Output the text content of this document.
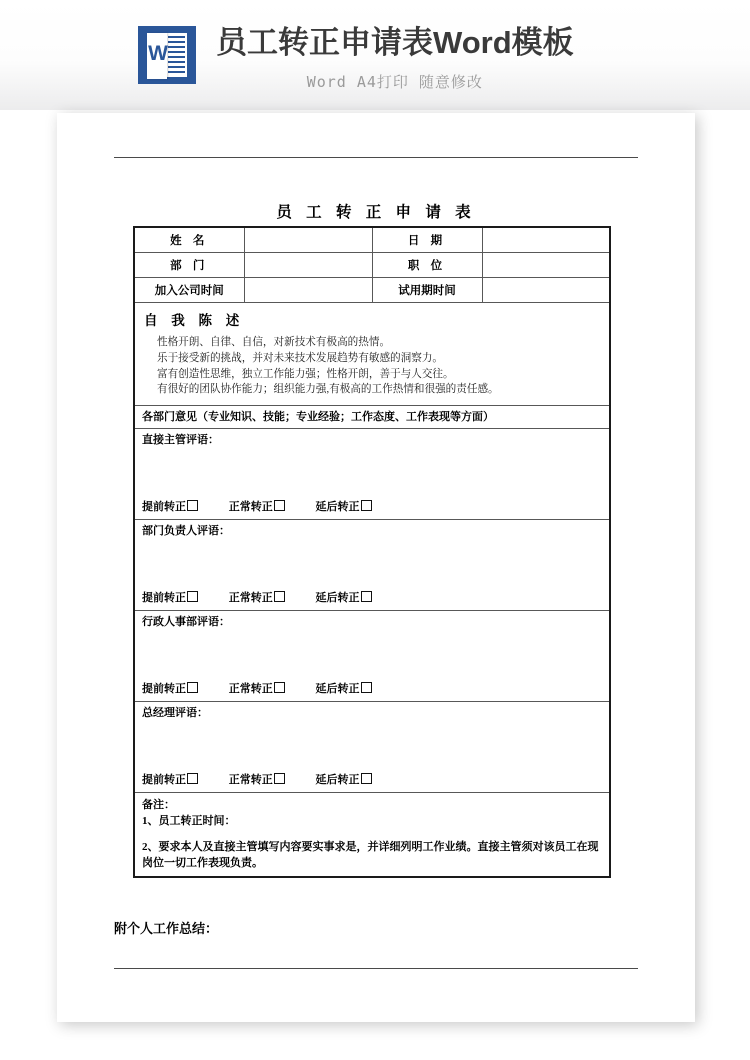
W 员工转正申请表Word模板
Word A4打印 随意修改
员 工 转 正 申 请 表
姓 名		日 期	
部 门		职 位	
加入公司时间		试用期时间	

自 我 陈 述
性格开朗、自律、自信，对新技术有极高的热情。
乐于接受新的挑战，并对未来技术发展趋势有敏感的洞察力。
富有创造性思维，独立工作能力强；性格开朗，善于与人交往。
有很好的团队协作能力；组织能力强,有极高的工作热情和很强的责任感。			

各部门意见（专业知识、技能；专业经验；工作态度、工作表现等方面）			

直接主管评语：
提前转正 正常转正 延后转正			

部门负责人评语：
提前转正 正常转正 延后转正			

行政人事部评语：
提前转正 正常转正 延后转正			

总经理评语：
提前转正 正常转正 延后转正			

备注：
1、员工转正时间：
2、要求本人及直接主管填写内容要实事求是，并详细列明工作业绩。直接主管须对该员工在现岗位一切工作表现负责。			
附个人工作总结：
